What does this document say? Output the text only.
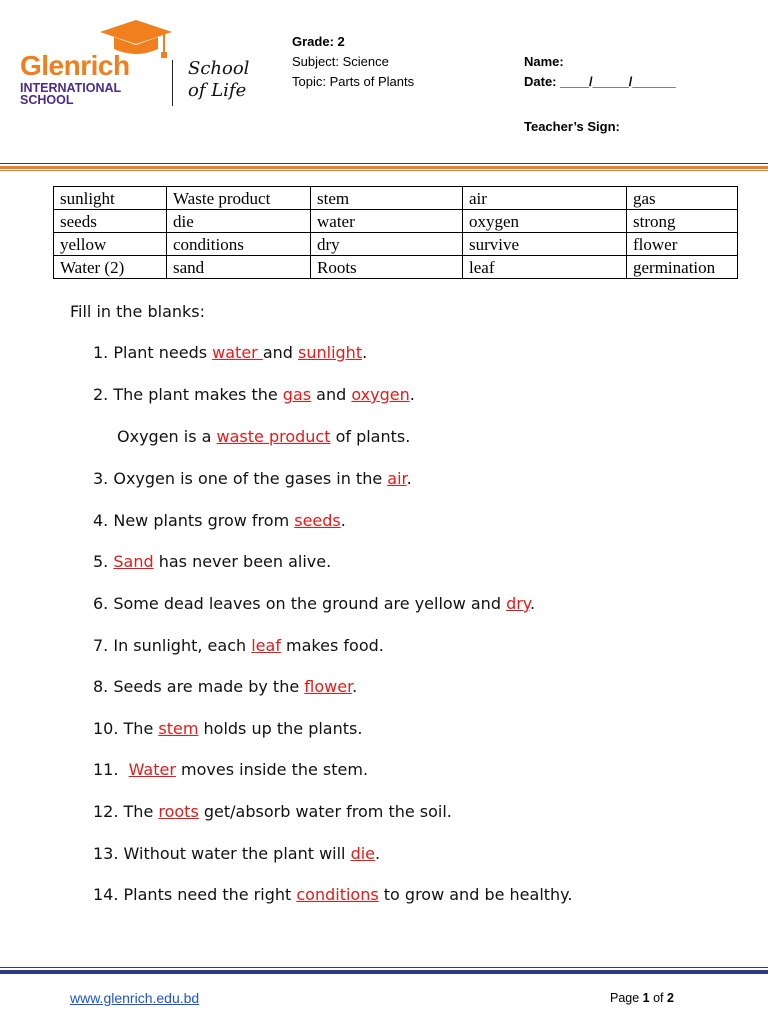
Glenrich
INTERNATIONAL
SCHOOL
School
of Life
Grade: 2
Subject: Science
Topic: Parts of Plants
Name:
Date: ____/_____/______
Teacher’s Sign:
sunlight	Waste product	stem	air	gas
seeds	die	water	oxygen	strong
yellow	conditions	dry	survive	flower
Water (2)	sand	Roots	leaf	germination
Fill in the blanks:
1. Plant needs water and sunlight.
2. The plant makes the gas and oxygen.
Oxygen is a waste product of plants.
3. Oxygen is one of the gases in the air.
4. New plants grow from seeds.
5. Sand has never been alive.
6. Some dead leaves on the ground are yellow and dry.
7. In sunlight, each leaf makes food.
8. Seeds are made by the flower.
10. The stem holds up the plants.
11.  Water moves inside the stem.
12. The roots get/absorb water from the soil.
13. Without water the plant will die.
14. Plants need the right conditions to grow and be healthy.
www.glenrich.edu.bd	Page 1 of 2
